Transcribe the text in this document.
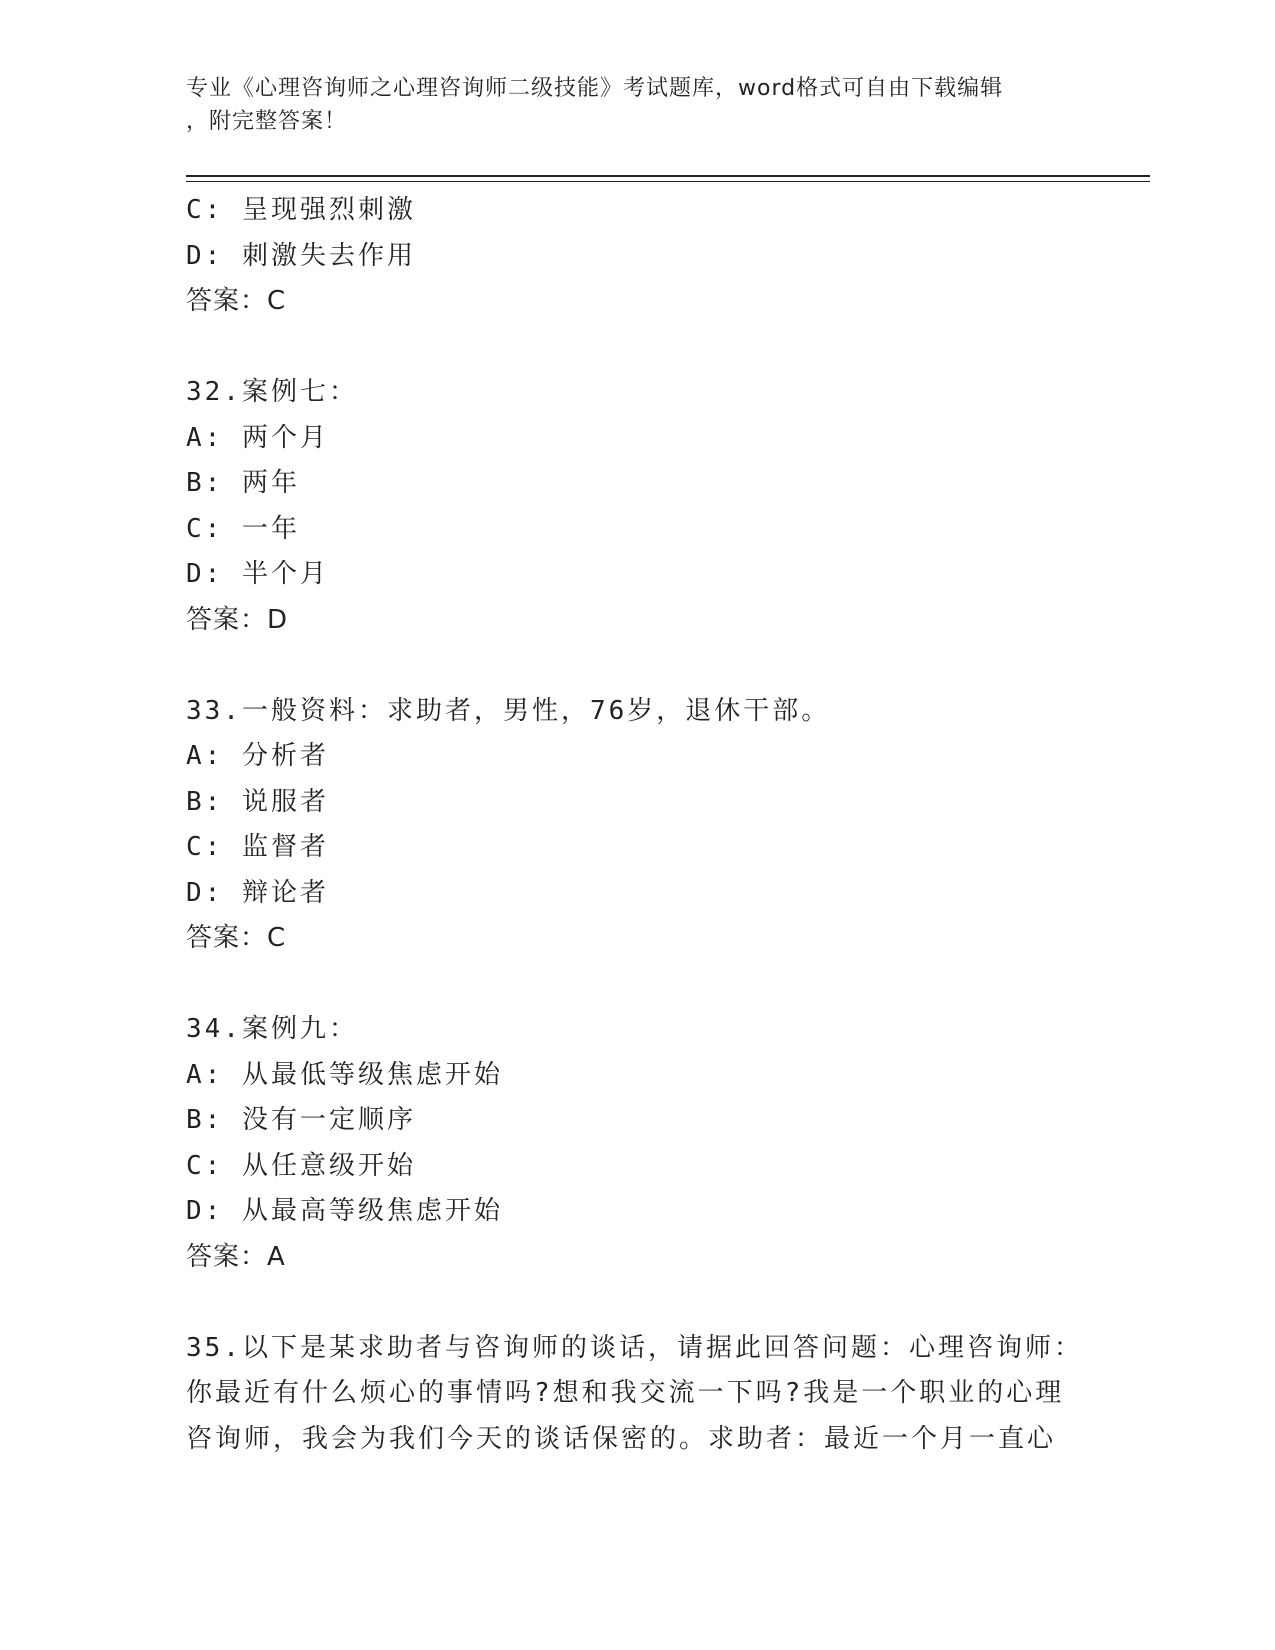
专业《心理咨询师之心理咨询师二级技能》考试题库，word格式可自由下载编辑
，附完整答案！
C: 呈现强烈刺激
D: 刺激失去作用
答案：C
32.案例七：
A: 两个月
B: 两年
C: 一年
D: 半个月
答案：D
33.一般资料：求助者，男性，76岁，退休干部。
A: 分析者
B: 说服者
C: 监督者
D: 辩论者
答案：C
34.案例九：
A: 从最低等级焦虑开始
B: 没有一定顺序
C: 从任意级开始
D: 从最高等级焦虑开始
答案：A
35.以下是某求助者与咨询师的谈话，请据此回答问题：心理咨询师：
你最近有什么烦心的事情吗?想和我交流一下吗?我是一个职业的心理
咨询师，我会为我们今天的谈话保密的。求助者：最近一个月一直心
